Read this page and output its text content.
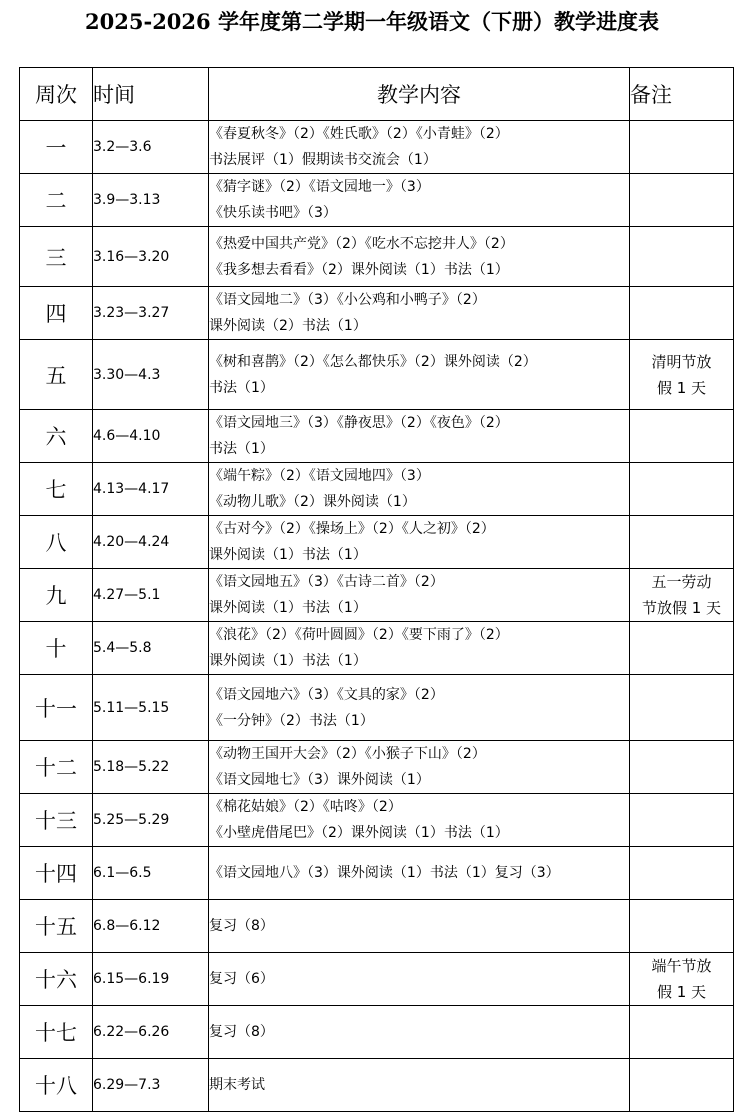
2025-2026 学年度第二学期一年级语文（下册）教学进度表
周次	时间	教学内容	备注
一	3.2—3.6	《春夏秋冬》（2）《姓氏歌》（2）《小青蛙》（2）
书法展评（1）假期读书交流会（1）	

二	3.9—3.13	《猜字谜》（2）《语文园地一》（3）
《快乐读书吧》（3）	

三	3.16—3.20	《热爱中国共产党》（2）《吃水不忘挖井人》（2）
《我多想去看看》（2）课外阅读（1）书法（1）	

四	3.23—3.27	《语文园地二》（3）《小公鸡和小鸭子》（2）
课外阅读（2）书法（1）	

五	3.30—4.3	《树和喜鹊》（2）《怎么都快乐》（2）课外阅读（2）
书法（1）	清明节放
假 1 天

六	4.6—4.10	《语文园地三》（3）《静夜思》（2）《夜色》（2）
书法（1）	

七	4.13—4.17	《端午粽》（2）《语文园地四》（3）
《动物儿歌》（2）课外阅读（1）	

八	4.20—4.24	《古对今》（2）《操场上》（2）《人之初》（2）
课外阅读（1）书法（1）	

九	4.27—5.1	《语文园地五》（3）《古诗二首》（2）
课外阅读（1）书法（1）	五一劳动
节放假 1 天

十	5.4—5.8	《浪花》（2）《荷叶圆圆》（2）《要下雨了》（2）
课外阅读（1）书法（1）	

十一	5.11—5.15	《语文园地六》（3）《文具的家》（2）
《一分钟》（2）书法（1）	

十二	5.18—5.22	《动物王国开大会》（2）《小猴子下山》（2）
《语文园地七》（3）课外阅读（1）	

十三	5.25—5.29	《棉花姑娘》（2）《咕咚》（2）
《小壁虎借尾巴》（2）课外阅读（1）书法（1）	

十四	6.1—6.5	《语文园地八》（3）课外阅读（1）书法（1）复习（3）	

十五	6.8—6.12	复习（8）	

十六	6.15—6.19	复习（6）	端午节放
假 1 天

十七	6.22—6.26	复习（8）	

十八	6.29—7.3	期末考试	
